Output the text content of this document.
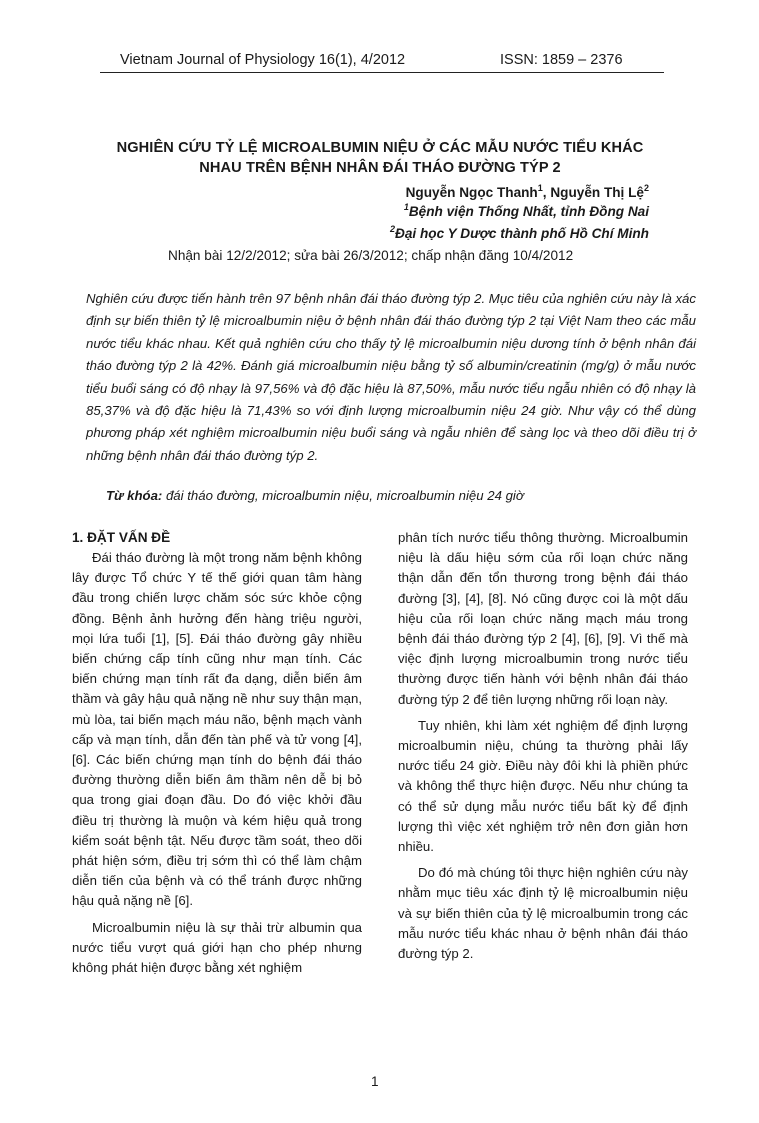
Vietnam Journal of Physiology 16(1), 4/2012	ISSN: 1859 – 2376
NGHIÊN CỨU TỶ LỆ MICROALBUMIN NIỆU Ở CÁC MẪU NƯỚC TIỂU KHÁC
NHAU TRÊN BỆNH NHÂN ĐÁI THÁO ĐƯỜNG TÝP 2
Nguyễn Ngọc Thanh$^1$, Nguyễn Thị Lệ$^2$
$^1$Bệnh viện Thống Nhất, tỉnh Đồng Nai
$^2$Đại học Y Dược thành phố Hồ Chí Minh
Nhận bài 12/2/2012; sửa bài 26/3/2012; chấp nhận đăng 10/4/2012

Nghiên cứu được tiến hành trên 97 bệnh nhân đái tháo đường týp 2. Mục tiêu của nghiên cứu này là xác định sự biến thiên tỷ lệ microalbumin niệu ở bệnh nhân đái tháo đường týp 2 tại Việt Nam theo các mẫu nước tiểu khác nhau. Kết quả nghiên cứu cho thấy tỷ lệ microalbumin niệu dương tính ở bệnh nhân đái tháo đường týp 2 là 42%. Đánh giá microalbumin niệu bằng tỷ số albumin/creatinin (mg/g) ở mẫu nước tiểu buổi sáng có độ nhạy là 97,56% và độ đặc hiệu là 87,50%, mẫu nước tiểu ngẫu nhiên có độ nhạy là 85,37% và độ đặc hiệu là 71,43% so với định lượng microalbumin niệu 24 giờ. Như vậy có thể dùng phương pháp xét nghiệm microalbumin niệu buổi sáng và ngẫu nhiên để sàng lọc và theo dõi điều trị ở những bệnh nhân đái tháo đường týp 2.

Từ khóa: đái tháo đường, microalbumin niệu, microalbumin niệu 24 giờ
1. ĐẶT VẤN ĐỀ

Đái tháo đường là một trong năm bệnh không lây được Tổ chức Y tế thế giới quan tâm hàng đầu trong chiến lược chăm sóc sức khỏe cộng đồng. Bệnh ảnh hưởng đến hàng triệu người, mọi lứa tuổi [1], [5]. Đái tháo đường gây nhiều biến chứng cấp tính cũng như mạn tính. Các biến chứng mạn tính rất đa dạng, diễn biến âm thầm và gây hậu quả nặng nề như suy thận mạn, mù lòa, tai biến mạch máu não, bệnh mạch vành cấp và mạn tính, dẫn đến tàn phế và tử vong [4], [6]. Các biến chứng mạn tính do bệnh đái tháo đường thường diễn biến âm thầm nên dễ bị bỏ qua trong giai đoạn đầu. Do đó việc khởi đầu điều trị thường là muộn và kém hiệu quả trong kiểm soát bệnh tật. Nếu được tầm soát, theo dõi phát hiện sớm, điều trị sớm thì có thể làm chậm diễn tiến của bệnh và có thể tránh được những hậu quả nặng nề [6].

Microalbumin niệu là sự thải trừ albumin qua nước tiểu vượt quá giới hạn cho phép nhưng không phát hiện được bằng xét nghiệm

phân tích nước tiểu thông thường. Microalbumin niệu là dấu hiệu sớm của rối loạn chức năng thận dẫn đến tổn thương trong bệnh đái tháo đường [3], [4], [8]. Nó cũng được coi là một dấu hiệu của rối loạn chức năng mạch máu trong bệnh đái tháo đường týp 2 [4], [6], [9]. Vì thế mà việc định lượng microalbumin trong nước tiểu thường được tiến hành với bệnh nhân đái tháo đường týp 2 để tiên lượng những rối loạn này.

Tuy nhiên, khi làm xét nghiệm để định lượng microalbumin niệu, chúng ta thường phải lấy nước tiểu 24 giờ. Điều này đôi khi là phiền phức và không thể thực hiện được. Nếu như chúng ta có thể sử dụng mẫu nước tiểu bất kỳ để định lượng thì việc xét nghiệm trở nên đơn giản hơn nhiều.

Do đó mà chúng tôi thực hiện nghiên cứu này nhằm mục tiêu xác định tỷ lệ microalbumin niệu và sự biến thiên của tỷ lệ microalbumin trong các mẫu nước tiểu khác nhau ở bệnh nhân đái tháo đường týp 2.

1
